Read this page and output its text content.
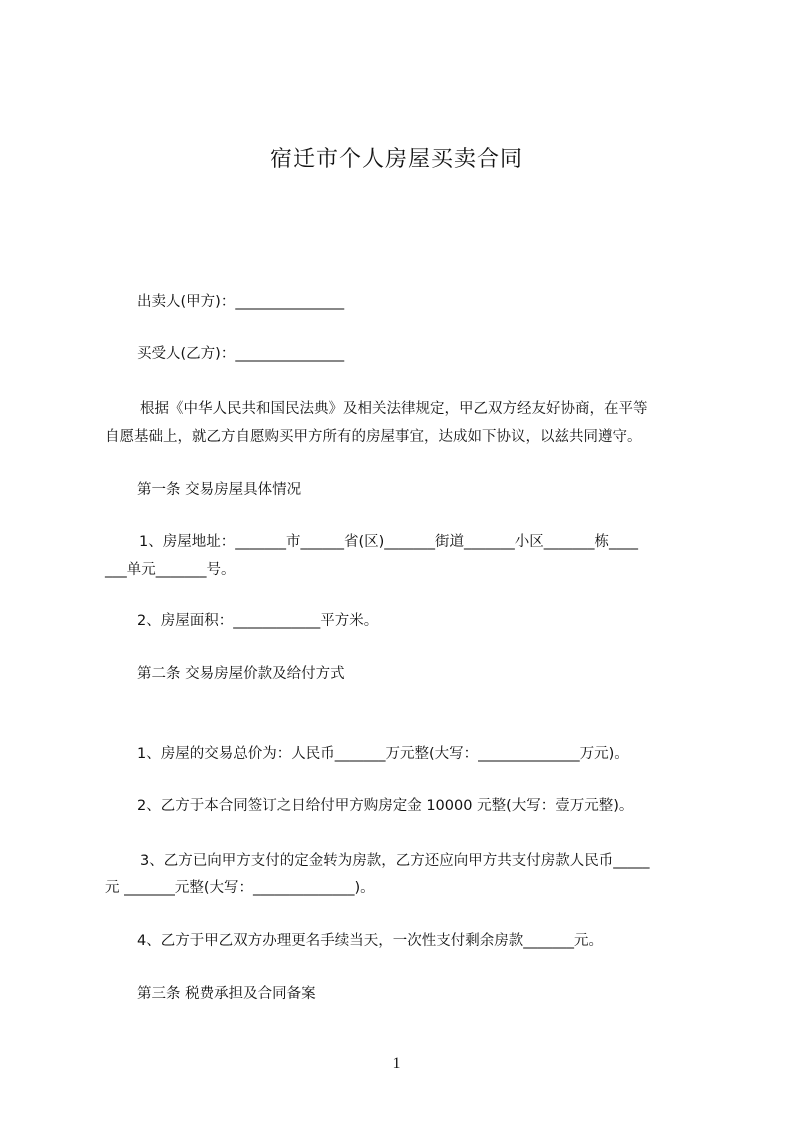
宿迁市个人房屋买卖合同
出卖人(甲方)：_______________
买受人(乙方)：_______________
根据《中华人民共和国民法典》及相关法律规定，甲乙双方经友好协商，在平等
自愿基础上，就乙方自愿购买甲方所有的房屋事宜，达成如下协议，以兹共同遵守。
第一条 交易房屋具体情况
1、房屋地址：_______市______省(区)_______街道_______小区_______栋____
___单元_______号。
2、房屋面积：____________平方米。
第二条 交易房屋价款及给付方式
1、房屋的交易总价为：人民币_______万元整(大写：______________万元)。
2、乙方于本合同签订之日给付甲方购房定金 10000 元整(大写：壹万元整)。
3、乙方已向甲方支付的定金转为房款，乙方还应向甲方共支付房款人民币_____
元 _______元整(大写：______________)。
4、乙方于甲乙双方办理更名手续当天，一次性支付剩余房款_______元。
第三条 税费承担及合同备案
1
